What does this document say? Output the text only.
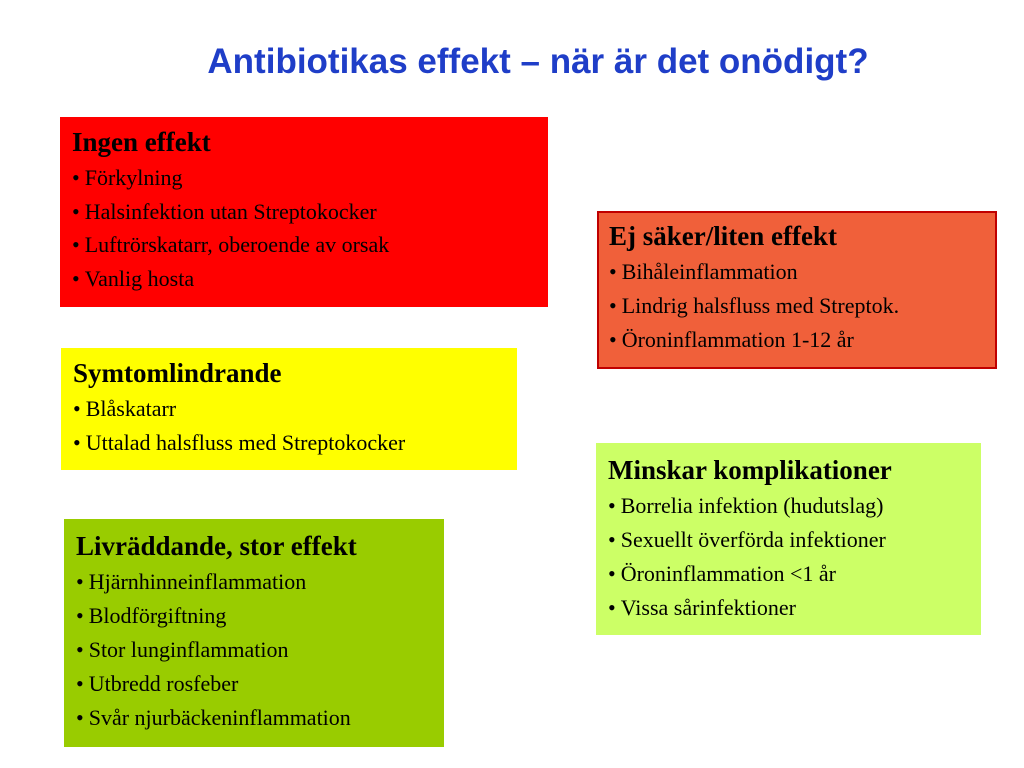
Antibiotikas effekt – när är det onödigt?
Ingen effekt
• Förkylning
• Halsinfektion utan Streptokocker
• Luftrörskatarr, oberoende av orsak
• Vanlig hosta
Ej säker/liten effekt
• Bihåleinflammation
• Lindrig halsfluss med Streptok.
• Öroninflammation 1-12 år
Symtomlindrande
• Blåskatarr
• Uttalad halsfluss med Streptokocker
Minskar komplikationer
• Borrelia infektion (hudutslag)
• Sexuellt överförda infektioner
• Öroninflammation <1 år
• Vissa sårinfektioner
Livräddande, stor effekt
• Hjärnhinneinflammation
• Blodförgiftning
• Stor lunginflammation
• Utbredd rosfeber
• Svår njurbäckeninflammation
